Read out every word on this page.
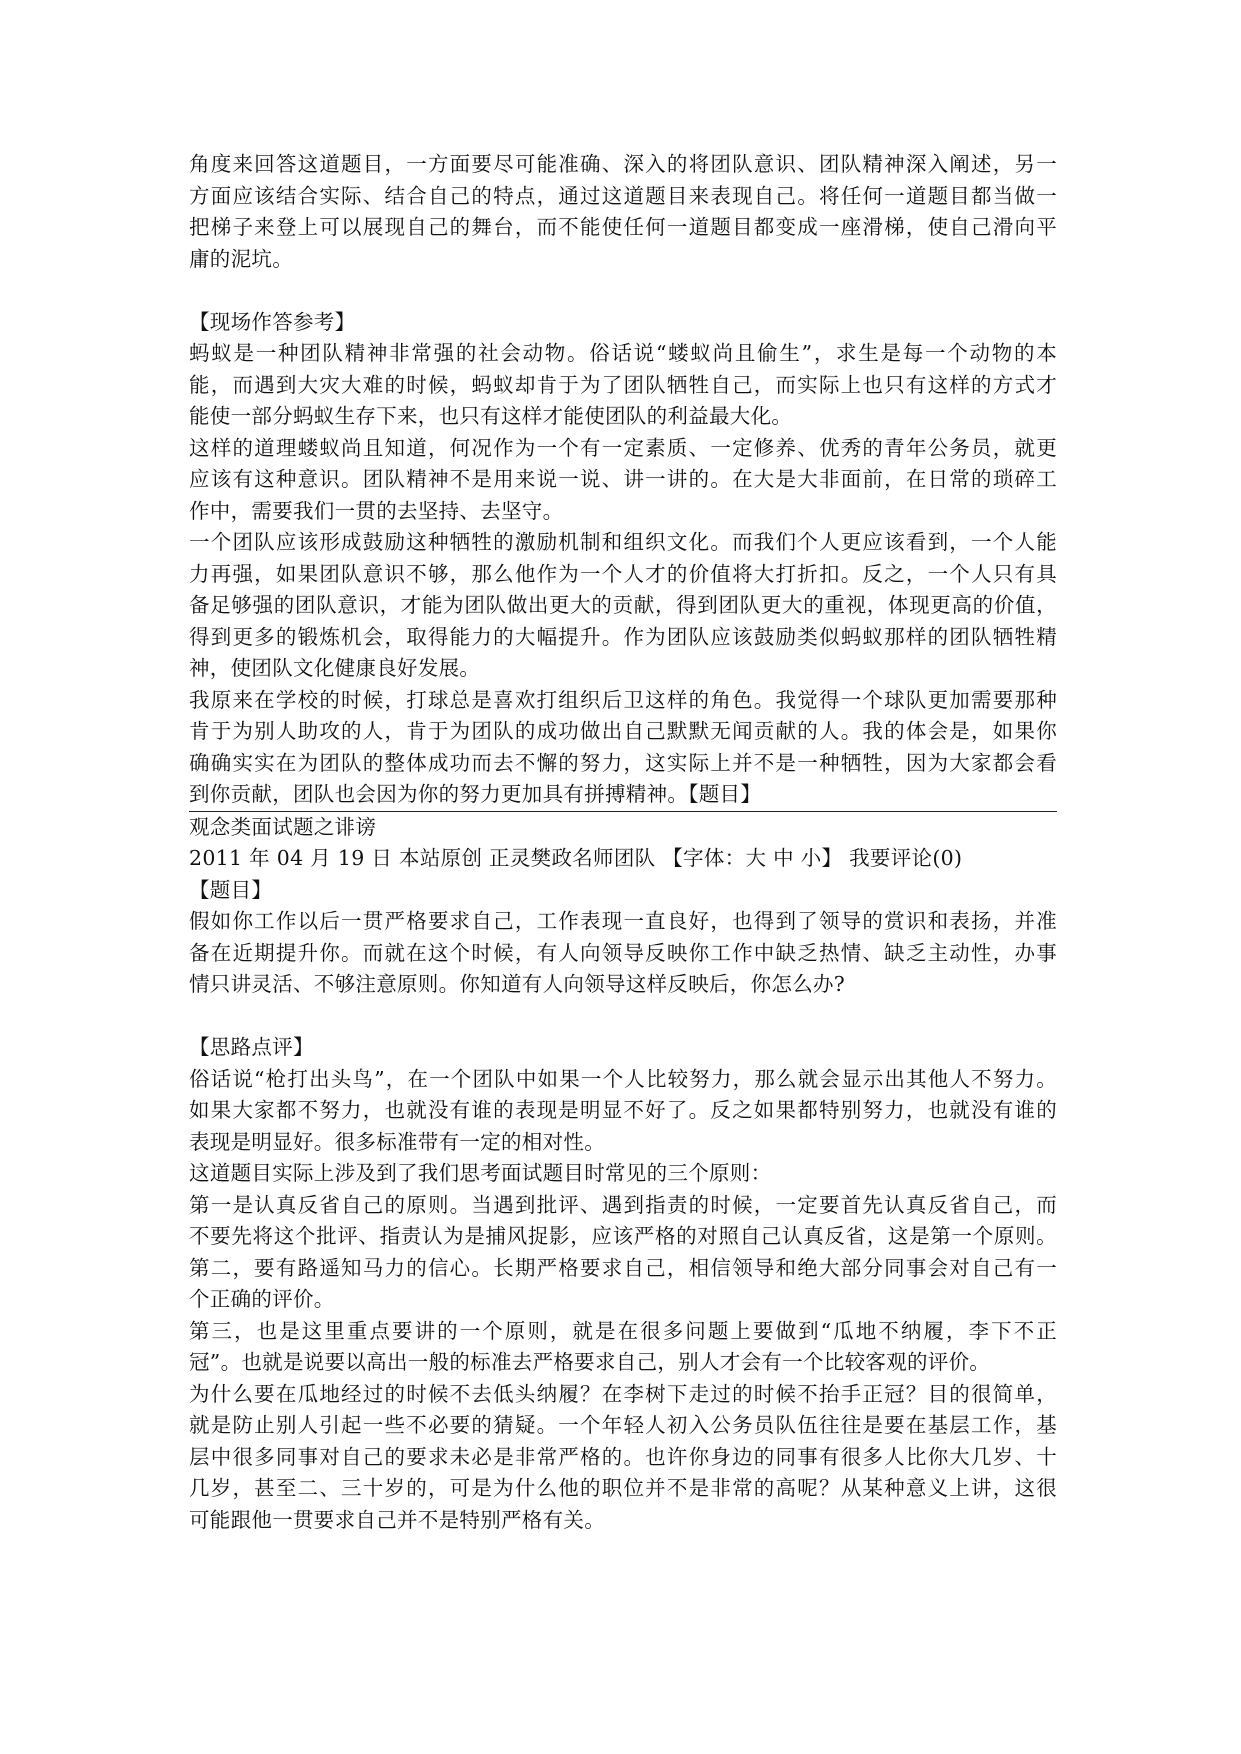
角度来回答这道题目，一方面要尽可能准确、深入的将团队意识、团队精神深入阐述，另一
方面应该结合实际、结合自己的特点，通过这道题目来表现自己。将任何一道题目都当做一
把梯子来登上可以展现自己的舞台，而不能使任何一道题目都变成一座滑梯，使自己滑向平
庸的泥坑。
【现场作答参考】
蚂蚁是一种团队精神非常强的社会动物。俗话说“蝼蚁尚且偷生”，求生是每一个动物的本
能，而遇到大灾大难的时候，蚂蚁却肯于为了团队牺牲自己，而实际上也只有这样的方式才
能使一部分蚂蚁生存下来，也只有这样才能使团队的利益最大化。
这样的道理蝼蚁尚且知道，何况作为一个有一定素质、一定修养、优秀的青年公务员，就更
应该有这种意识。团队精神不是用来说一说、讲一讲的。在大是大非面前，在日常的琐碎工
作中，需要我们一贯的去坚持、去坚守。
一个团队应该形成鼓励这种牺牲的激励机制和组织文化。而我们个人更应该看到，一个人能
力再强，如果团队意识不够，那么他作为一个人才的价值将大打折扣。反之，一个人只有具
备足够强的团队意识，才能为团队做出更大的贡献，得到团队更大的重视，体现更高的价值，
得到更多的锻炼机会，取得能力的大幅提升。作为团队应该鼓励类似蚂蚁那样的团队牺牲精
神，使团队文化健康良好发展。
我原来在学校的时候，打球总是喜欢打组织后卫这样的角色。我觉得一个球队更加需要那种
肯于为别人助攻的人，肯于为团队的成功做出自己默默无闻贡献的人。我的体会是，如果你
确确实实在为团队的整体成功而去不懈的努力，这实际上并不是一种牺牲，因为大家都会看
到你贡献，团队也会因为你的努力更加具有拼搏精神。【题目】
观念类面试题之诽谤
2011 年 04 月 19 日 本站原创 正灵樊政名师团队 【字体：大 中 小】 我要评论(0)
【题目】
假如你工作以后一贯严格要求自己，工作表现一直良好，也得到了领导的赏识和表扬，并准
备在近期提升你。而就在这个时候，有人向领导反映你工作中缺乏热情、缺乏主动性，办事
情只讲灵活、不够注意原则。你知道有人向领导这样反映后，你怎么办?
【思路点评】
俗话说“枪打出头鸟”，在一个团队中如果一个人比较努力，那么就会显示出其他人不努力。
如果大家都不努力，也就没有谁的表现是明显不好了。反之如果都特别努力，也就没有谁的
表现是明显好。很多标准带有一定的相对性。
这道题目实际上涉及到了我们思考面试题目时常见的三个原则：
第一是认真反省自己的原则。当遇到批评、遇到指责的时候，一定要首先认真反省自己，而
不要先将这个批评、指责认为是捕风捉影，应该严格的对照自己认真反省，这是第一个原则。
第二，要有路遥知马力的信心。长期严格要求自己，相信领导和绝大部分同事会对自己有一
个正确的评价。
第三，也是这里重点要讲的一个原则，就是在很多问题上要做到“瓜地不纳履，李下不正
冠”。也就是说要以高出一般的标准去严格要求自己，别人才会有一个比较客观的评价。
为什么要在瓜地经过的时候不去低头纳履？在李树下走过的时候不抬手正冠？目的很简单，
就是防止别人引起一些不必要的猜疑。一个年轻人初入公务员队伍往往是要在基层工作，基
层中很多同事对自己的要求未必是非常严格的。也许你身边的同事有很多人比你大几岁、十
几岁，甚至二、三十岁的，可是为什么他的职位并不是非常的高呢？从某种意义上讲，这很
可能跟他一贯要求自己并不是特别严格有关。
